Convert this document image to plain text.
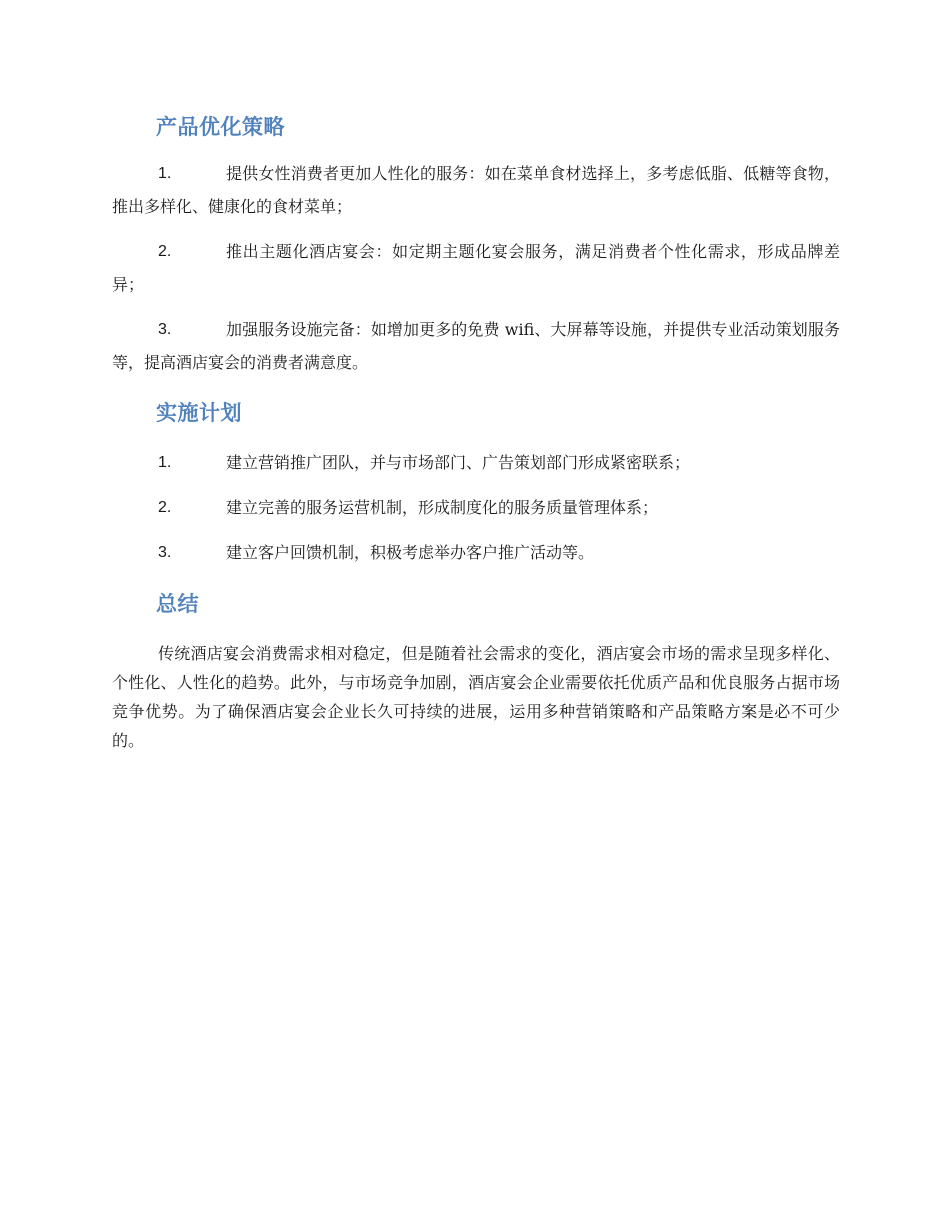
产品优化策略
1.	提供女性消费者更加人性化的服务：如在菜单食材选择上，多考虑低脂、低糖等食物，推出多样化、健康化的食材菜单；
2.	推出主题化酒店宴会：如定期主题化宴会服务，满足消费者个性化需求，形成品牌差异；
3.	加强服务设施完备：如增加更多的免费 wifi、大屏幕等设施，并提供专业活动策划服务等，提高酒店宴会的消费者满意度。
实施计划
1.	建立营销推广团队，并与市场部门、广告策划部门形成紧密联系；
2.	建立完善的服务运营机制，形成制度化的服务质量管理体系；
3.	建立客户回馈机制，积极考虑举办客户推广活动等。
总结

传统酒店宴会消费需求相对稳定，但是随着社会需求的变化，酒店宴会市场的需求呈现多样化、个性化、人性化的趋势。此外，与市场竞争加剧，酒店宴会企业需要依托优质产品和优良服务占据市场竞争优势。为了确保酒店宴会企业长久可持续的进展，运用多种营销策略和产品策略方案是必不可少的。
